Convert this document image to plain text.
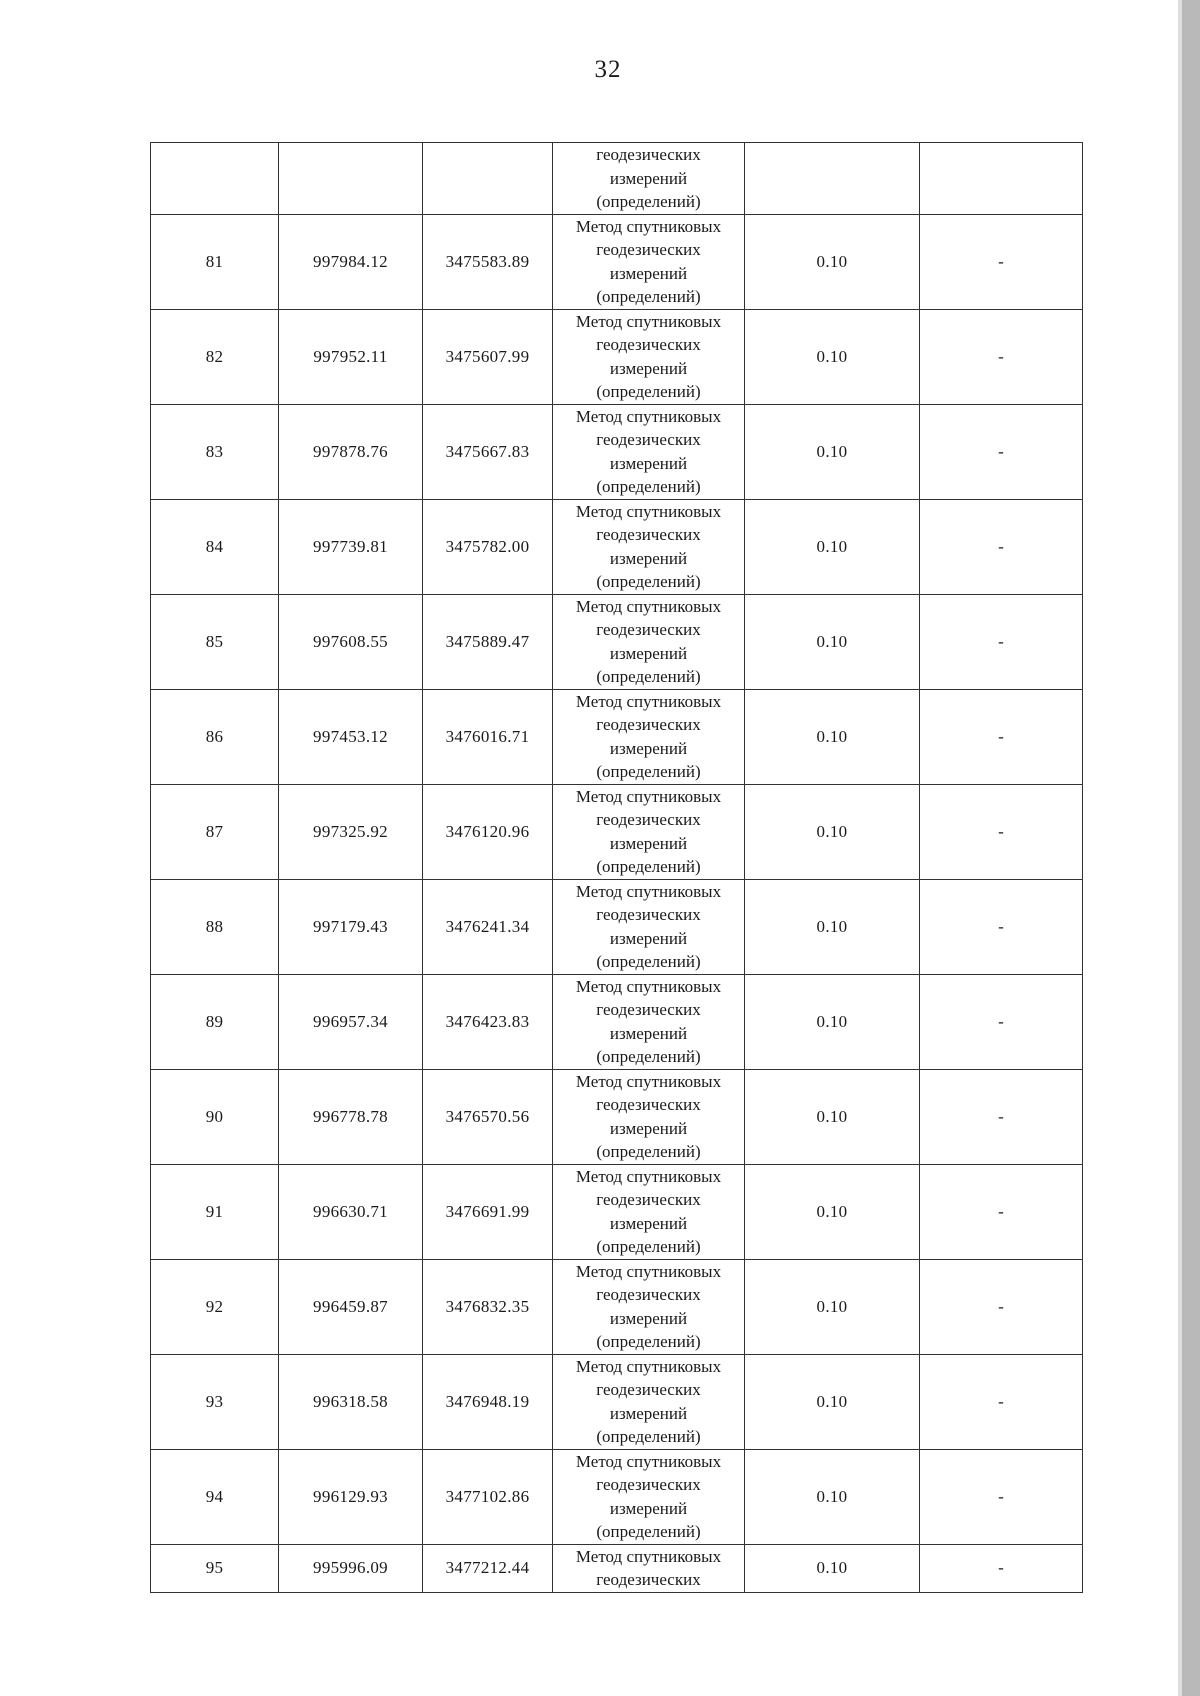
32

			геодезических
измерений
(определений)		

81	997984.12	3475583.89	Метод спутниковых
геодезических
измерений
(определений)	0.10	-
82	997952.11	3475607.99	Метод спутниковых
геодезических
измерений
(определений)	0.10	-
83	997878.76	3475667.83	Метод спутниковых
геодезических
измерений
(определений)	0.10	-
84	997739.81	3475782.00	Метод спутниковых
геодезических
измерений
(определений)	0.10	-
85	997608.55	3475889.47	Метод спутниковых
геодезических
измерений
(определений)	0.10	-
86	997453.12	3476016.71	Метод спутниковых
геодезических
измерений
(определений)	0.10	-
87	997325.92	3476120.96	Метод спутниковых
геодезических
измерений
(определений)	0.10	-
88	997179.43	3476241.34	Метод спутниковых
геодезических
измерений
(определений)	0.10	-
89	996957.34	3476423.83	Метод спутниковых
геодезических
измерений
(определений)	0.10	-
90	996778.78	3476570.56	Метод спутниковых
геодезических
измерений
(определений)	0.10	-
91	996630.71	3476691.99	Метод спутниковых
геодезических
измерений
(определений)	0.10	-
92	996459.87	3476832.35	Метод спутниковых
геодезических
измерений
(определений)	0.10	-
93	996318.58	3476948.19	Метод спутниковых
геодезических
измерений
(определений)	0.10	-
94	996129.93	3477102.86	Метод спутниковых
геодезических
измерений
(определений)	0.10	-
95	995996.09	3477212.44	Метод спутниковых
геодезических	0.10	-
